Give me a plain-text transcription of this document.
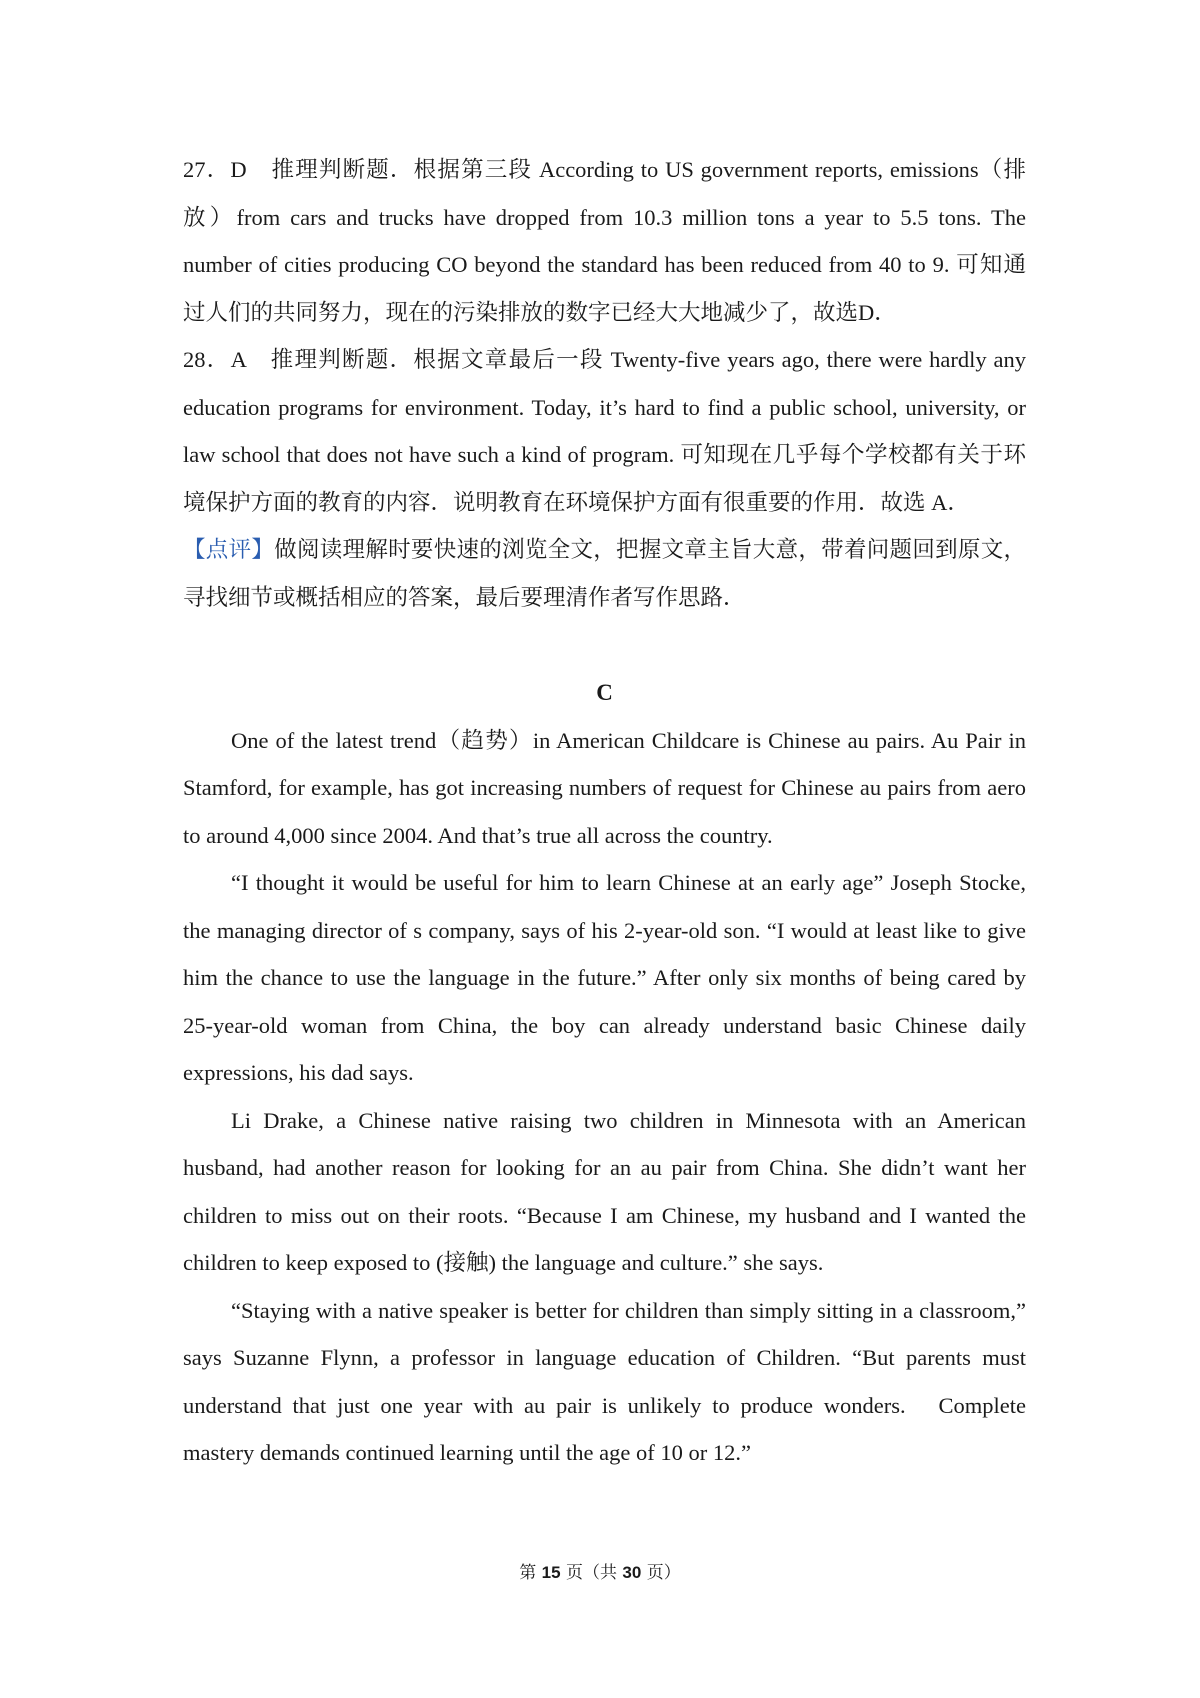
27．D　推理判断题．根据第三段 According to US government reports, emissions（排放）from cars and trucks have dropped from 10.3 million tons a year to 5.5 tons. The number of cities producing CO beyond the standard has been reduced from 40 to 9. 可知通过人们的共同努力，现在的污染排放的数字已经大大地减少了，故选D．

28．A　推理判断题．根据文章最后一段 Twenty-five years ago, there were hardly any education programs for environment. Today, it’s hard to find a public school, university, or law school that does not have such a kind of program. 可知现在几乎每个学校都有关于环境保护方面的教育的内容．说明教育在环境保护方面有很重要的作用．故选 A．

【点评】做阅读理解时要快速的浏览全文，把握文章主旨大意，带着问题回到原文，寻找细节或概括相应的答案，最后要理清作者写作思路．

C

One of the latest trend（趋势）in American Childcare is Chinese au pairs. Au Pair in Stamford, for example, has got increasing numbers of request for Chinese au pairs from aero to around 4,000 since 2004. And that’s true all across the country.

“I thought it would be useful for him to learn Chinese at an early age” Joseph Stocke, the managing director of s company, says of his 2-year-old son. “I would at least like to give him the chance to use the language in the future.” After only six months of being cared by 25-year-old woman from China, the boy can already understand basic Chinese daily expressions, his dad says.

Li Drake, a Chinese native raising two children in Minnesota with an American husband, had another reason for looking for an au pair from China. She didn’t want her children to miss out on their roots. “Because I am Chinese, my husband and I wanted the children to keep exposed to (接触) the language and culture.” she says.

“Staying with a native speaker is better for children than simply sitting in a classroom,” says Suzanne Flynn, a professor in language education of Children. “But parents must understand that just one year with au pair is unlikely to produce wonders.　Complete mastery demands continued learning until the age of 10 or 12.”

第 15 页（共 30 页）
